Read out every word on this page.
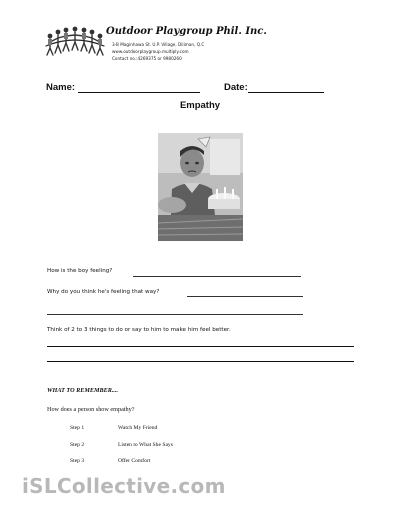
Outdoor Playgroup Phil. Inc.
3-B Maginhawa St. U.P. Village, Diliman, Q.C
www.outdoorplaygroup.multiply.com
Contact no.:4269375 or 9980260
Name:	Date:
Empathy
How is the boy feeling?
Why do you think he's feeling that way?
Think of 2 to 3 things to do or say to him to make him feel better.
WHAT TO REMEMBER....
How does a person show empathy?
Step 1	Watch My Friend
Step 2	Listen to What She Says
Step 3	Offer Comfort
iSLCollective.com
